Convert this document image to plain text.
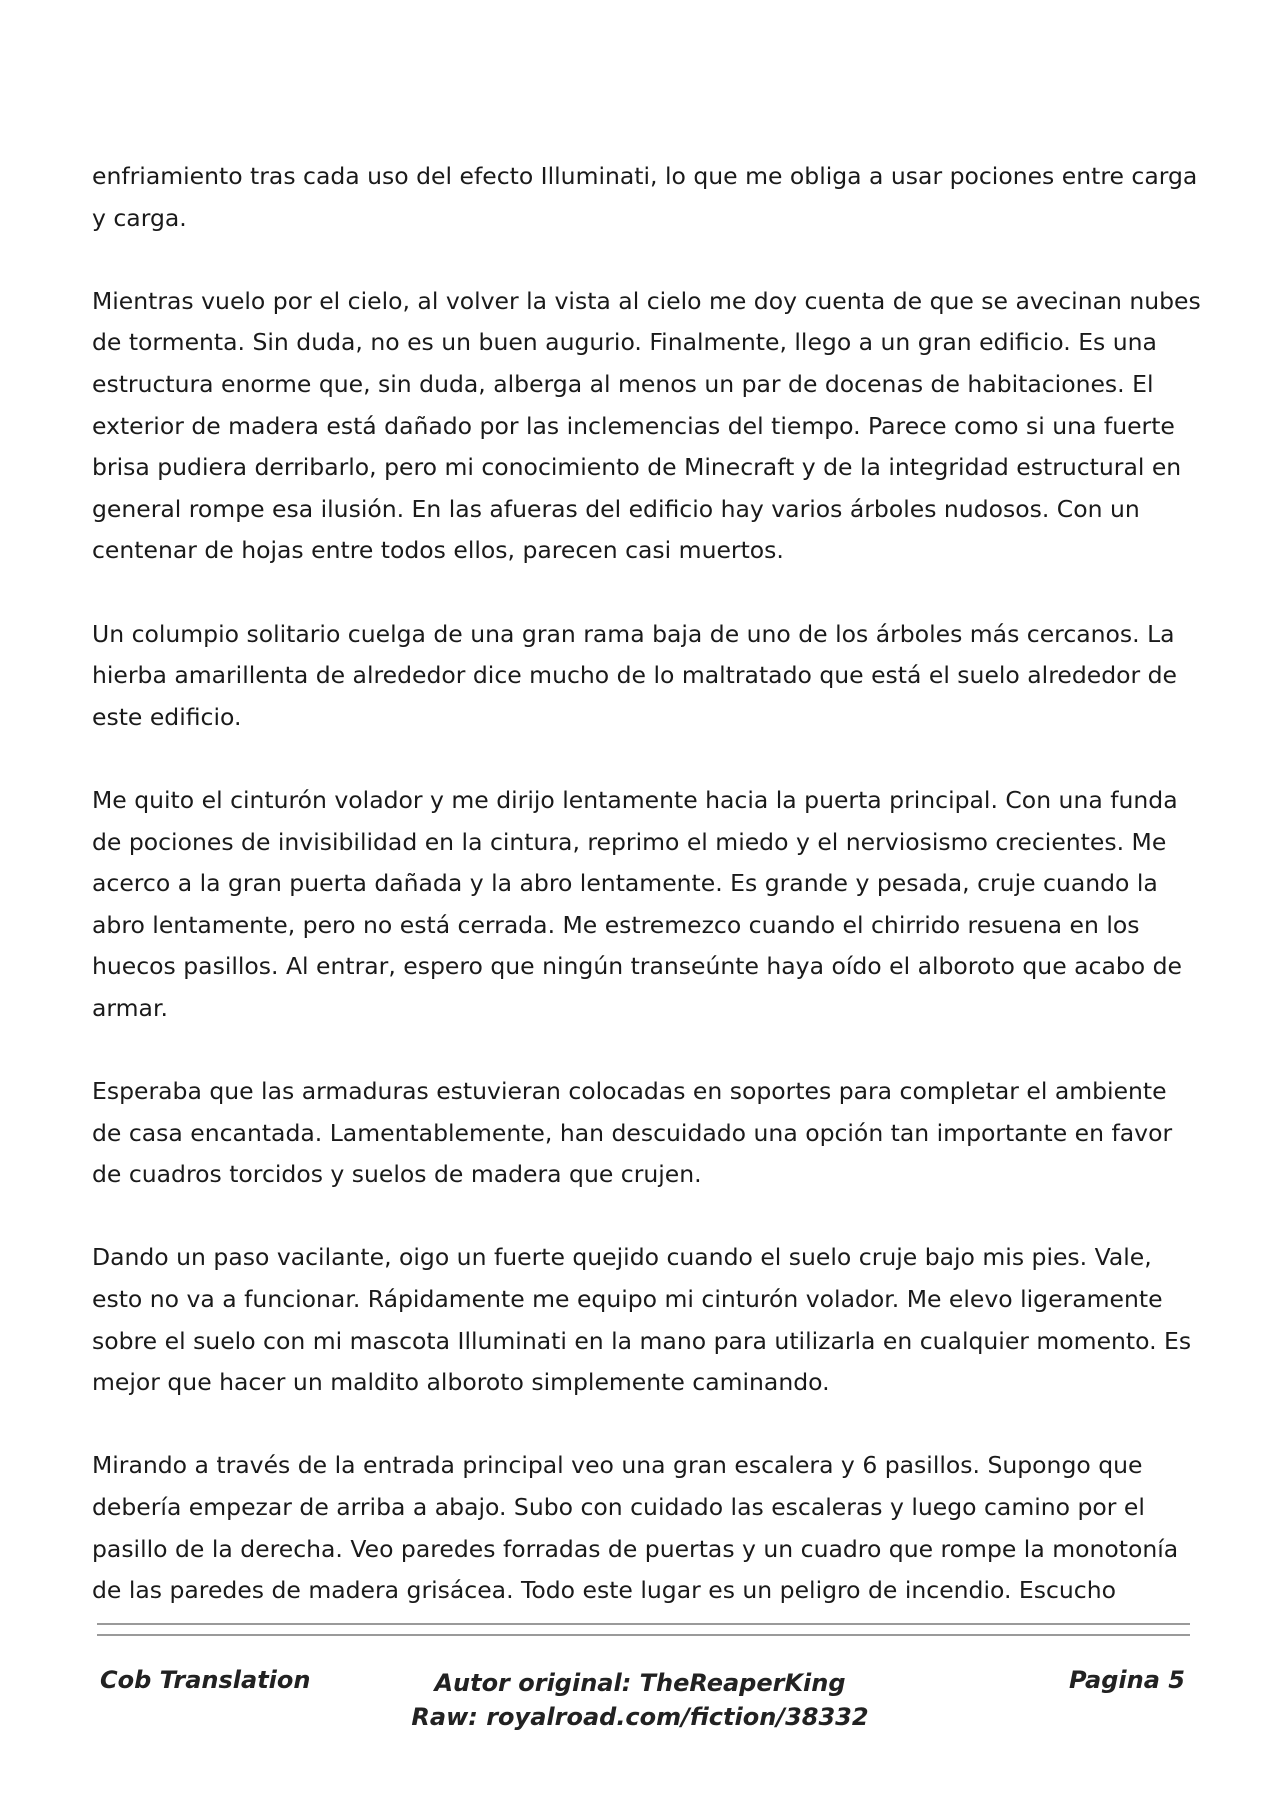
enfriamiento tras cada uso del efecto Illuminati, lo que me obliga a usar pociones entre carga y carga.

Mientras vuelo por el cielo, al volver la vista al cielo me doy cuenta de que se avecinan nubes de tormenta. Sin duda, no es un buen augurio. Finalmente, llego a un gran edificio. Es una estructura enorme que, sin duda, alberga al menos un par de docenas de habitaciones. El exterior de madera está dañado por las inclemencias del tiempo. Parece como si una fuerte brisa pudiera derribarlo, pero mi conocimiento de Minecraft y de la integridad estructural en general rompe esa ilusión. En las afueras del edificio hay varios árboles nudosos. Con un centenar de hojas entre todos ellos, parecen casi muertos.

Un columpio solitario cuelga de una gran rama baja de uno de los árboles más cercanos. La hierba amarillenta de alrededor dice mucho de lo maltratado que está el suelo alrededor de este edificio.

Me quito el cinturón volador y me dirijo lentamente hacia la puerta principal. Con una funda de pociones de invisibilidad en la cintura, reprimo el miedo y el nerviosismo crecientes. Me acerco a la gran puerta dañada y la abro lentamente. Es grande y pesada, cruje cuando la abro lentamente, pero no está cerrada. Me estremezco cuando el chirrido resuena en los huecos pasillos. Al entrar, espero que ningún transeúnte haya oído el alboroto que acabo de armar.

Esperaba que las armaduras estuvieran colocadas en soportes para completar el ambiente de casa encantada. Lamentablemente, han descuidado una opción tan importante en favor de cuadros torcidos y suelos de madera que crujen.

Dando un paso vacilante, oigo un fuerte quejido cuando el suelo cruje bajo mis pies. Vale, esto no va a funcionar. Rápidamente me equipo mi cinturón volador. Me elevo ligeramente sobre el suelo con mi mascota Illuminati en la mano para utilizarla en cualquier momento. Es mejor que hacer un maldito alboroto simplemente caminando.

Mirando a través de la entrada principal veo una gran escalera y 6 pasillos. Supongo que debería empezar de arriba a abajo. Subo con cuidado las escaleras y luego camino por el pasillo de la derecha. Veo paredes forradas de puertas y un cuadro que rompe la monotonía de las paredes de madera grisácea. Todo este lugar es un peligro de incendio. Escucho

Cob Translation	Autor original: TheReaperKing
Raw: royalroad.com/fiction/38332
Pagina 5
